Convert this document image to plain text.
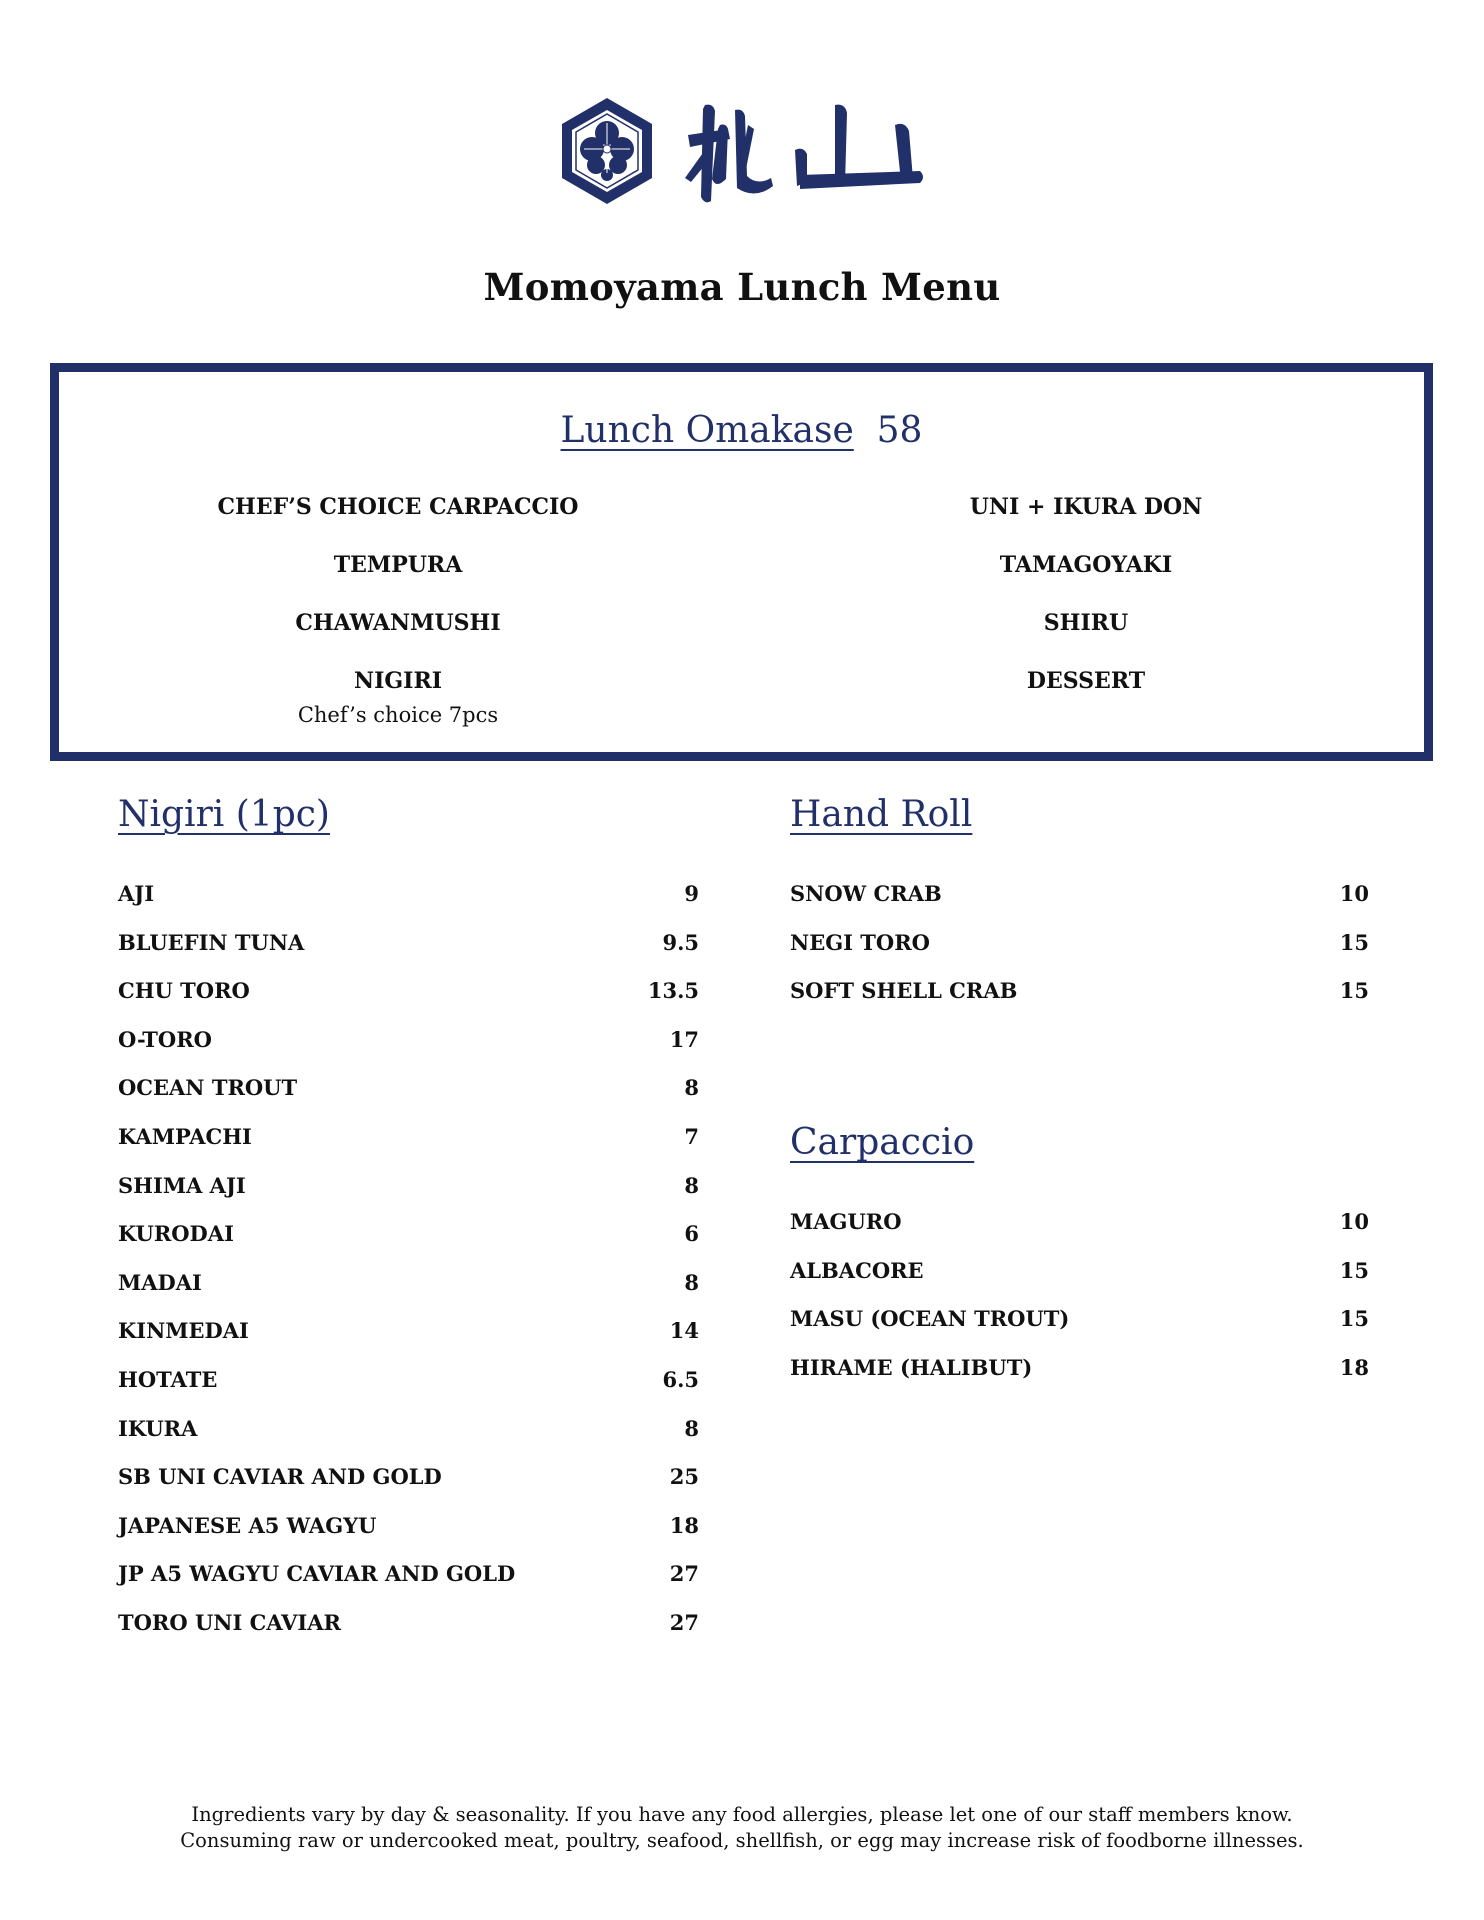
Momoyama Lunch Menu
Lunch Omakase 58
CHEF’S CHOICE CARPACCIO
TEMPURA
CHAWANMUSHI
NIGIRI
Chef’s choice 7pcs
UNI + IKURA DON
TAMAGOYAKI
SHIRU
DESSERT
Nigiri (1pc)	Hand Roll
Carpaccio
AJI	9
BLUEFIN TUNA	9.5
CHU TORO	13.5
O-TORO	17
OCEAN TROUT	8
KAMPACHI	7
SHIMA AJI	8
KURODAI	6
MADAI	8
KINMEDAI	14
HOTATE	6.5
IKURA	8
SB UNI CAVIAR AND GOLD	25
JAPANESE A5 WAGYU	18
JP A5 WAGYU CAVIAR AND GOLD	27
TORO UNI CAVIAR	27
SNOW CRAB	10
NEGI TORO	15
SOFT SHELL CRAB	15
MAGURO	10
ALBACORE	15
MASU (OCEAN TROUT)	15
HIRAME (HALIBUT)	18
Ingredients vary by day & seasonality. If you have any food allergies, please let one of our staff members know.
Consuming raw or undercooked meat, poultry, seafood, shellfish, or egg may increase risk of foodborne illnesses.
